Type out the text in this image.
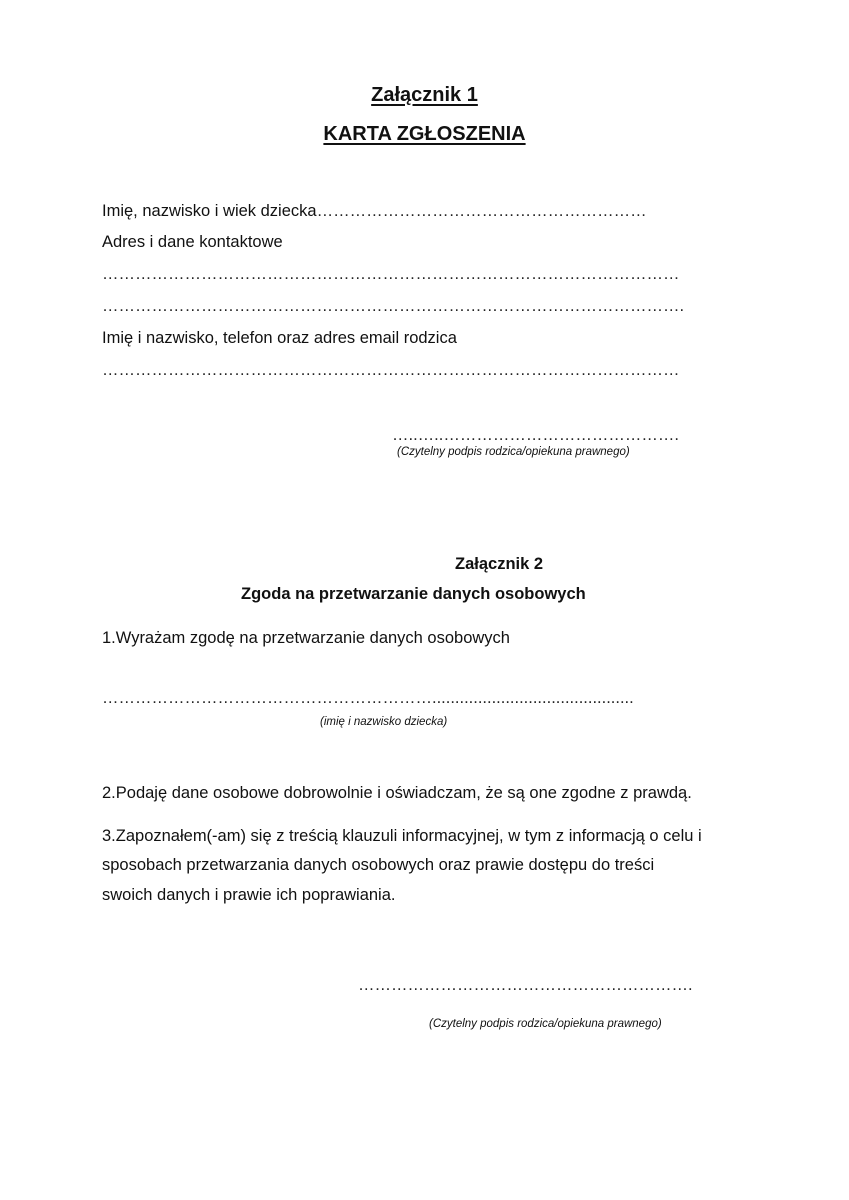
Załącznik 1
KARTA ZGŁOSZENIA
Imię, nazwisko i wiek dziecka……………………………………………………
Adres i dane kontaktowe
……………………………………………………………………………………………
…………………………………………………………………………………………….
Imię i nazwisko, telefon oraz adres email rodzica
……………………………………………………………………………………………
…..…..…………………………………….
(Czytelny podpis rodzica/opiekuna prawnego)
Załącznik 2
Zgoda na przetwarzanie danych osobowych
1.Wyrażam zgodę na przetwarzanie danych osobowych
……………………………………………………............................................
(imię i nazwisko dziecka)
2.Podaję dane osobowe dobrowolnie i oświadczam, że są one zgodne z prawdą.
3.Zapoznałem(-am) się z treścią klauzuli informacyjnej, w tym z informacją o celu i
sposobach przetwarzania danych osobowych oraz prawie dostępu do treści
swoich danych i prawie ich poprawiania.
…………………………………………………….
(Czytelny podpis rodzica/opiekuna prawnego)
